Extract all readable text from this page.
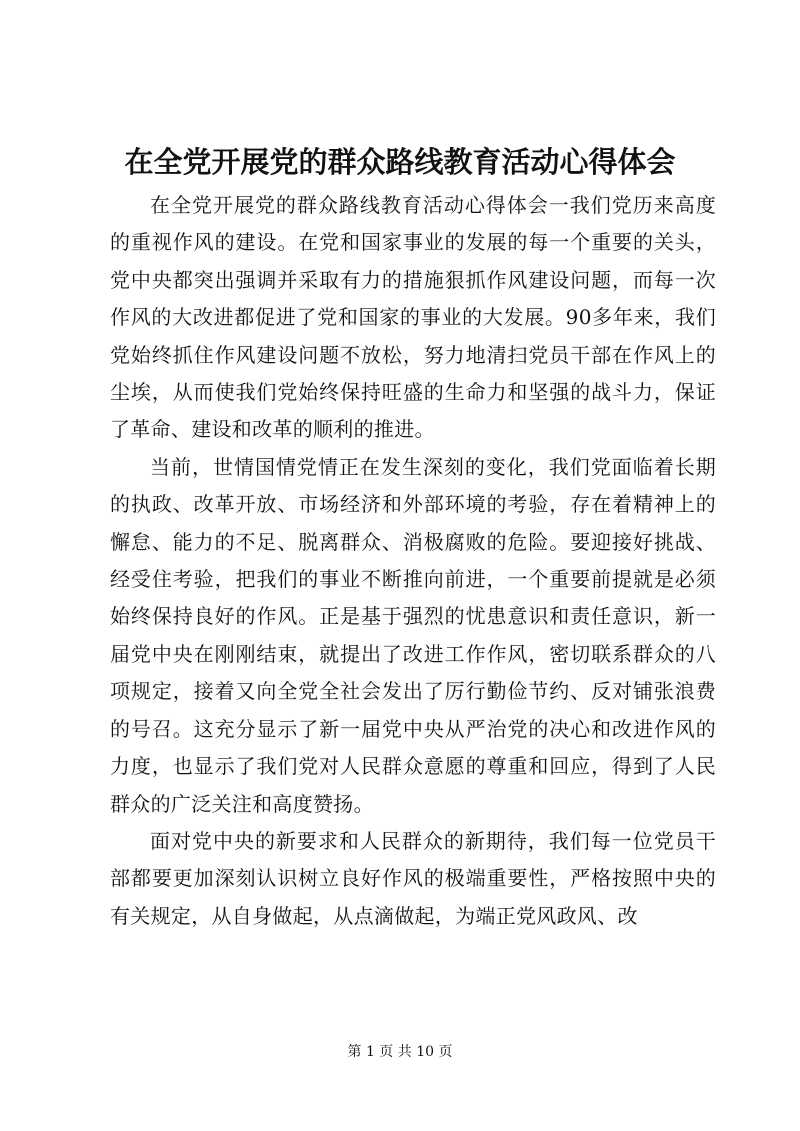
在全党开展党的群众路线教育活动心得体会

在全党开展党的群众路线教育活动心得体会一我们党历来高度的重视作风的建设。在党和国家事业的发展的每一个重要的关头，党中央都突出强调并采取有力的措施狠抓作风建设问题，而每一次作风的大改进都促进了党和国家的事业的大发展。90多年来，我们党始终抓住作风建设问题不放松，努力地清扫党员干部在作风上的尘埃，从而使我们党始终保持旺盛的生命力和坚强的战斗力，保证了革命、建设和改革的顺利的推进。

当前，世情国情党情正在发生深刻的变化，我们党面临着长期的执政、改革开放、市场经济和外部环境的考验，存在着精神上的懈怠、能力的不足、脱离群众、消极腐败的危险。要迎接好挑战、经受住考验，把我们的事业不断推向前进，一个重要前提就是必须始终保持良好的作风。正是基于强烈的忧患意识和责任意识，新一届党中央在刚刚结束，就提出了改进工作作风，密切联系群众的八项规定，接着又向全党全社会发出了厉行勤俭节约、反对铺张浪费的号召。这充分显示了新一届党中央从严治党的决心和改进作风的力度，也显示了我们党对人民群众意愿的尊重和回应，得到了人民群众的广泛关注和高度赞扬。

面对党中央的新要求和人民群众的新期待，我们每一位党员干部都要更加深刻认识树立良好作风的极端重要性，严格按照中央的有关规定，从自身做起，从点滴做起，为端正党风政风、改

第 1 页 共 10 页
